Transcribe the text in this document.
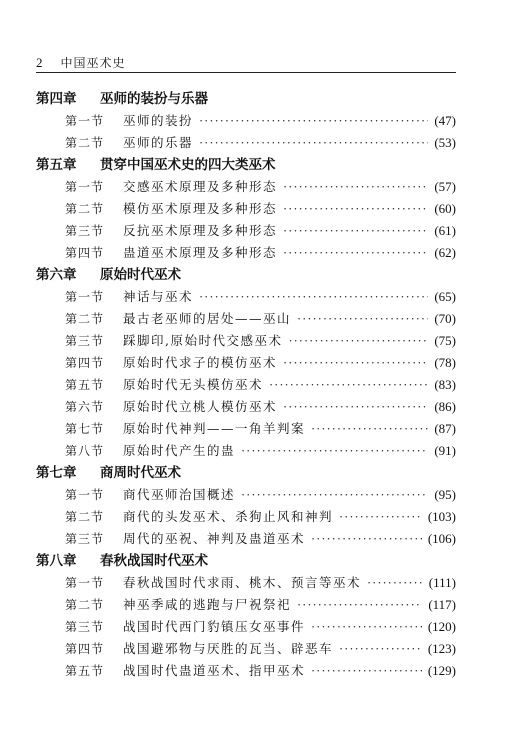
2 中国巫术史
第四章 巫师的装扮与乐器
第一节	巫师的装扮 ·····	(47)
第二节	巫师的乐器 ·····	(53)
第五章 贯穿中国巫术史的四大类巫术
第一节	交感巫术原理及多种形态 ·····	(57)
第二节	模仿巫术原理及多种形态 ·····	(60)
第三节	反抗巫术原理及多种形态 ·····	(61)
第四节	蛊道巫术原理及多种形态 ·····	(62)
第六章 原始时代巫术
第一节	神话与巫术 ·····	(65)
第二节	最古老巫师的居处——巫山 ·····	(70)
第三节	踩脚印,原始时代交感巫术 ·····	(75)
第四节	原始时代求子的模仿巫术 ·····	(78)
第五节	原始时代无头模仿巫术 ·····	(83)
第六节	原始时代立桃人模仿巫术 ·····	(86)
第七节	原始时代神判——一角羊判案 ·····	(87)
第八节	原始时代产生的蛊 ·····	(91)
第七章 商周时代巫术
第一节	商代巫师治国概述 ·····	(95)
第二节	商代的头发巫术、杀狗止风和神判 ·····	(103)
第三节	周代的巫祝、神判及蛊道巫术 ·····	(106)
第八章 春秋战国时代巫术
第一节	春秋战国时代求雨、桃木、预言等巫术 ·····	(111)
第二节	神巫季咸的逃跑与尸祝祭祀 ·····	(117)
第三节	战国时代西门豹镇压女巫事件 ·····	(120)
第四节	战国避邪物与厌胜的瓦当、辟恶车 ·····	(123)
第五节	战国时代蛊道巫术、指甲巫术 ·····	(129)
